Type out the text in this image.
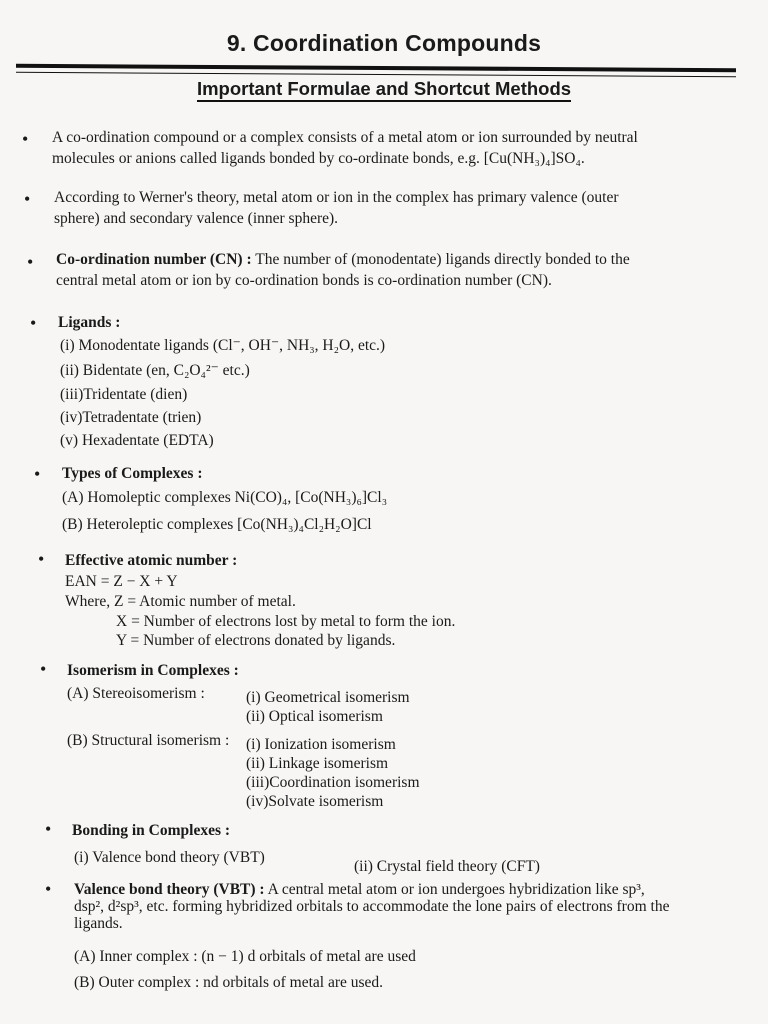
9. Coordination Compounds
Important Formulae and Shortcut Methods
• A co-ordination compound or a complex consists of a metal atom or ion surrounded by neutral
molecules or anions called ligands bonded by co-ordinate bonds, e.g. [Cu(NH₃)₄]SO₄.
• According to Werner's theory, metal atom or ion in the complex has primary valence (outer
sphere) and secondary valence (inner sphere).
• Co-ordination number (CN) : The number of (monodentate) ligands directly bonded to the
central metal atom or ion by co-ordination bonds is co-ordination number (CN).
• Ligands :
(i) Monodentate ligands (Cl⁻, OH⁻, NH₃, H₂O, etc.)
(ii) Bidentate (en, C₂O₄²⁻ etc.)
(iii)Tridentate (dien)
(iv)Tetradentate (trien)
(v) Hexadentate (EDTA)
• Types of Complexes :
(A) Homoleptic complexes Ni(CO)₄, [Co(NH₃)₆]Cl₃
(B) Heteroleptic complexes [Co(NH₃)₄Cl₂H₂O]Cl
• Effective atomic number :
EAN = Z − X + Y
Where, Z = Atomic number of metal.
X = Number of electrons lost by metal to form the ion.
Y = Number of electrons donated by ligands.
• Isomerism in Complexes :
(A) Stereoisomerism :	(i) Geometrical isomerism
(ii) Optical isomerism
(B) Structural isomerism : (i) Ionization isomerism
(ii) Linkage isomerism
(iii)Coordination isomerism
(iv)Solvate isomerism
• Bonding in Complexes :
(i) Valence bond theory (VBT)
(ii) Crystal field theory (CFT)
• Valence bond theory (VBT) : A central metal atom or ion undergoes hybridization like sp³,
dsp², d²sp³, etc. forming hybridized orbitals to accommodate the lone pairs of electrons from the
ligands.
(A) Inner complex : (n − 1) d orbitals of metal are used
(B) Outer complex : nd orbitals of metal are used.
